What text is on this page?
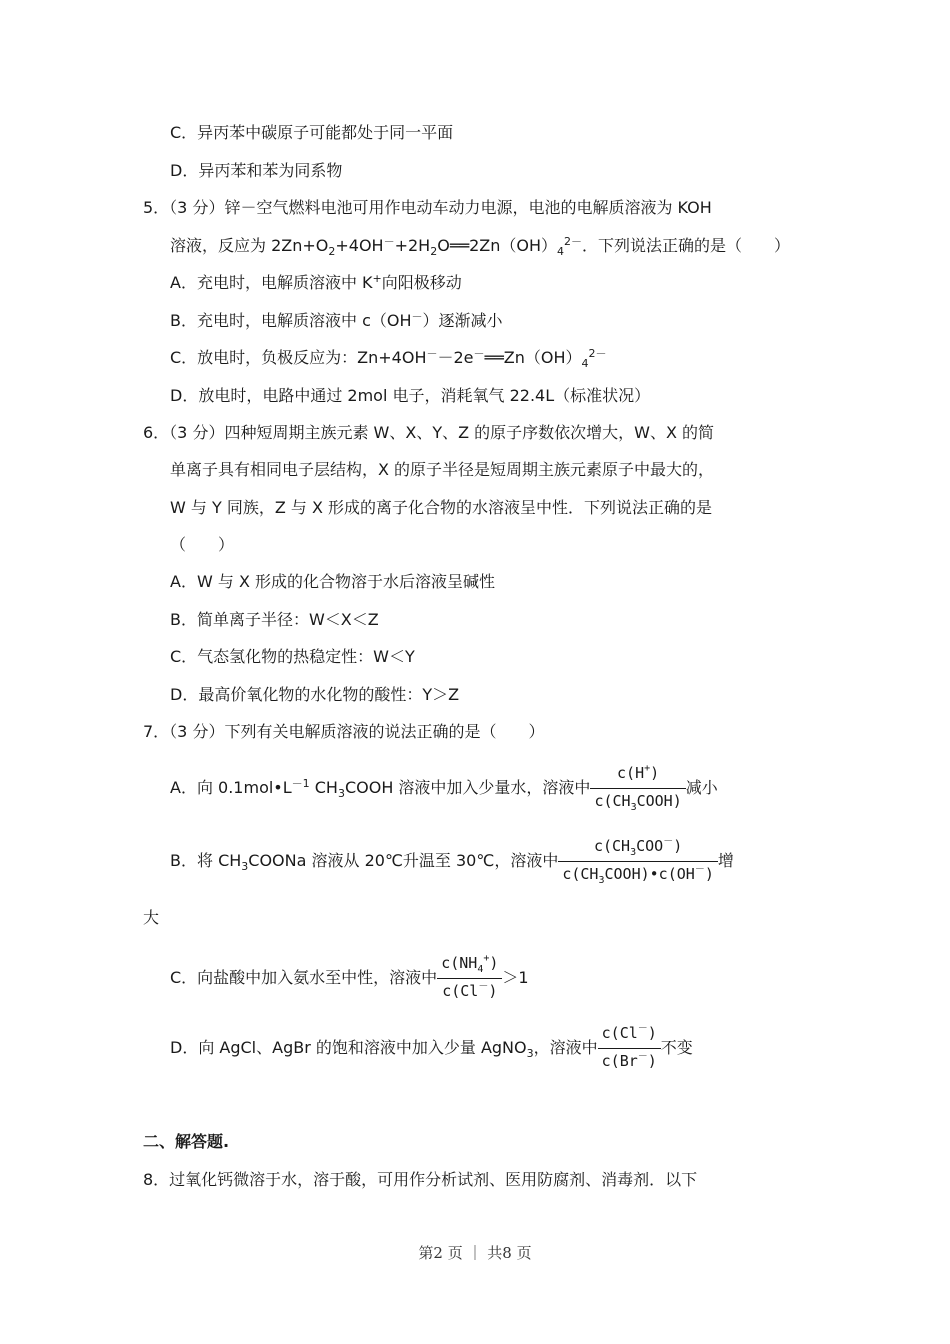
C．异丙苯中碳原子可能都处于同一平面
D．异丙苯和苯为同系物
5．（3 分）锌－空气燃料电池可用作电动车动力电源，电池的电解质溶液为 KOH
溶液，反应为 $2Zn+O_2+4OH^-+2H_2O══2Zn(OH)_4^{2-}$．下列说法正确的是（　　）
A．充电时，电解质溶液中 K+向阳极移动
B．充电时，电解质溶液中 c（OH－）逐渐减小
C．放电时，负极反应为：$Zn+4OH^--2e^-══Zn(OH)_4^{2-}$
D．放电时，电路中通过 2mol 电子，消耗氧气 22.4L（标准状况）
6．（3 分）四种短周期主族元素 W、X、Y、Z 的原子序数依次增大，W、X 的简
单离子具有相同电子层结构，X 的原子半径是短周期主族元素原子中最大的，
W 与 Y 同族，Z 与 X 形成的离子化合物的水溶液呈中性．下列说法正确的是
（　　）
A．W 与 X 形成的化合物溶于水后溶液呈碱性
B．简单离子半径：W＜X＜Z
C．气态氢化物的热稳定性：W＜Y
D．最高价氧化物的水化物的酸性：Y＞Z
7．（3 分）下列有关电解质溶液的说法正确的是（　　）
A．向 $0.1mol•L^{-1}$ $CH_3COOH$ 溶液中加入少量水，溶液中 $\frac{c(H^+)}{c(CH_3COOH)}$ 减小
B．将 $CH_3COONa$ 溶液从 20℃升温至 30℃，溶液中 $\frac{c(CH_3COO^-)}{c(CH_3COOH)•c(OH^-)}$ 增
大
C．向盐酸中加入氨水至中性，溶液中 $\frac{c(NH_4^+)}{c(Cl^-)} >1$
D．向 AgCl、AgBr 的饱和溶液中加入少量 AgNO$_3$，溶液中 $\frac{c(Cl^-)}{c(Br^-)}$ 不变
二、解答题.
8．过氧化钙微溶于水，溶于酸，可用作分析试剂、医用防腐剂、消毒剂．以下
第2 页 ｜ 共8 页
